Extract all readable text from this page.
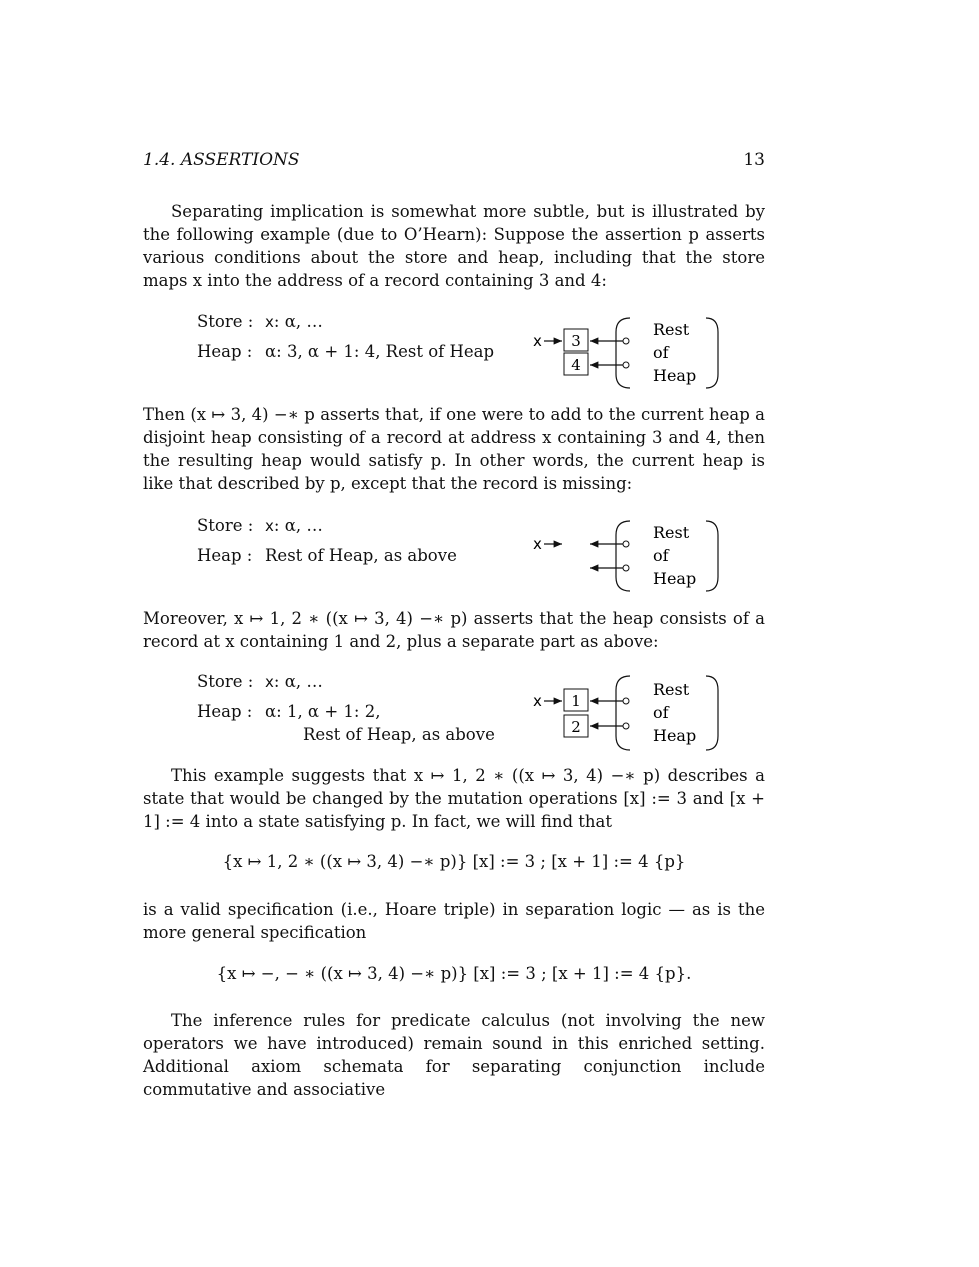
1.4. ASSERTIONS	13

Separating implication is somewhat more subtle, but is illustrated by the following example (due to O’Hearn): Suppose the assertion p asserts various conditions about the store and heap, including that the store maps x into the address of a record containing 3 and 4:

Store : x: α, …
Heap : α: 3, α + 1: 4, Rest of Heap
x 3
4
Rest
of
Heap

Then (x ↦ 3, 4) −∗ p asserts that, if one were to add to the current heap a disjoint heap consisting of a record at address x containing 3 and 4, then the resulting heap would satisfy p. In other words, the current heap is like that described by p, except that the record is missing:

Store : x: α, …
Heap : Rest of Heap, as above
x
Rest
of
Heap

Moreover, x ↦ 1, 2 ∗ ((x ↦ 3, 4) −∗ p) asserts that the heap consists of a record at x containing 1 and 2, plus a separate part as above:

Store : x: α, …
Heap : α: 1, α + 1: 2,
Rest of Heap, as above
x 1
2
Rest
of
Heap

This example suggests that x ↦ 1, 2 ∗ ((x ↦ 3, 4) −∗ p) describes a state that would be changed by the mutation operations [x] := 3 and [x + 1] := 4 into a state satisfying p. In fact, we will find that

{x ↦ 1, 2 ∗ ((x ↦ 3, 4) −∗ p)} [x] := 3 ; [x + 1] := 4 {p}

is a valid specification (i.e., Hoare triple) in separation logic — as is the more general specification

{x ↦ −, − ∗ ((x ↦ 3, 4) −∗ p)} [x] := 3 ; [x + 1] := 4 {p}.

The inference rules for predicate calculus (not involving the new operators we have introduced) remain sound in this enriched setting. Additional axiom schemata for separating conjunction include commutative and associative
